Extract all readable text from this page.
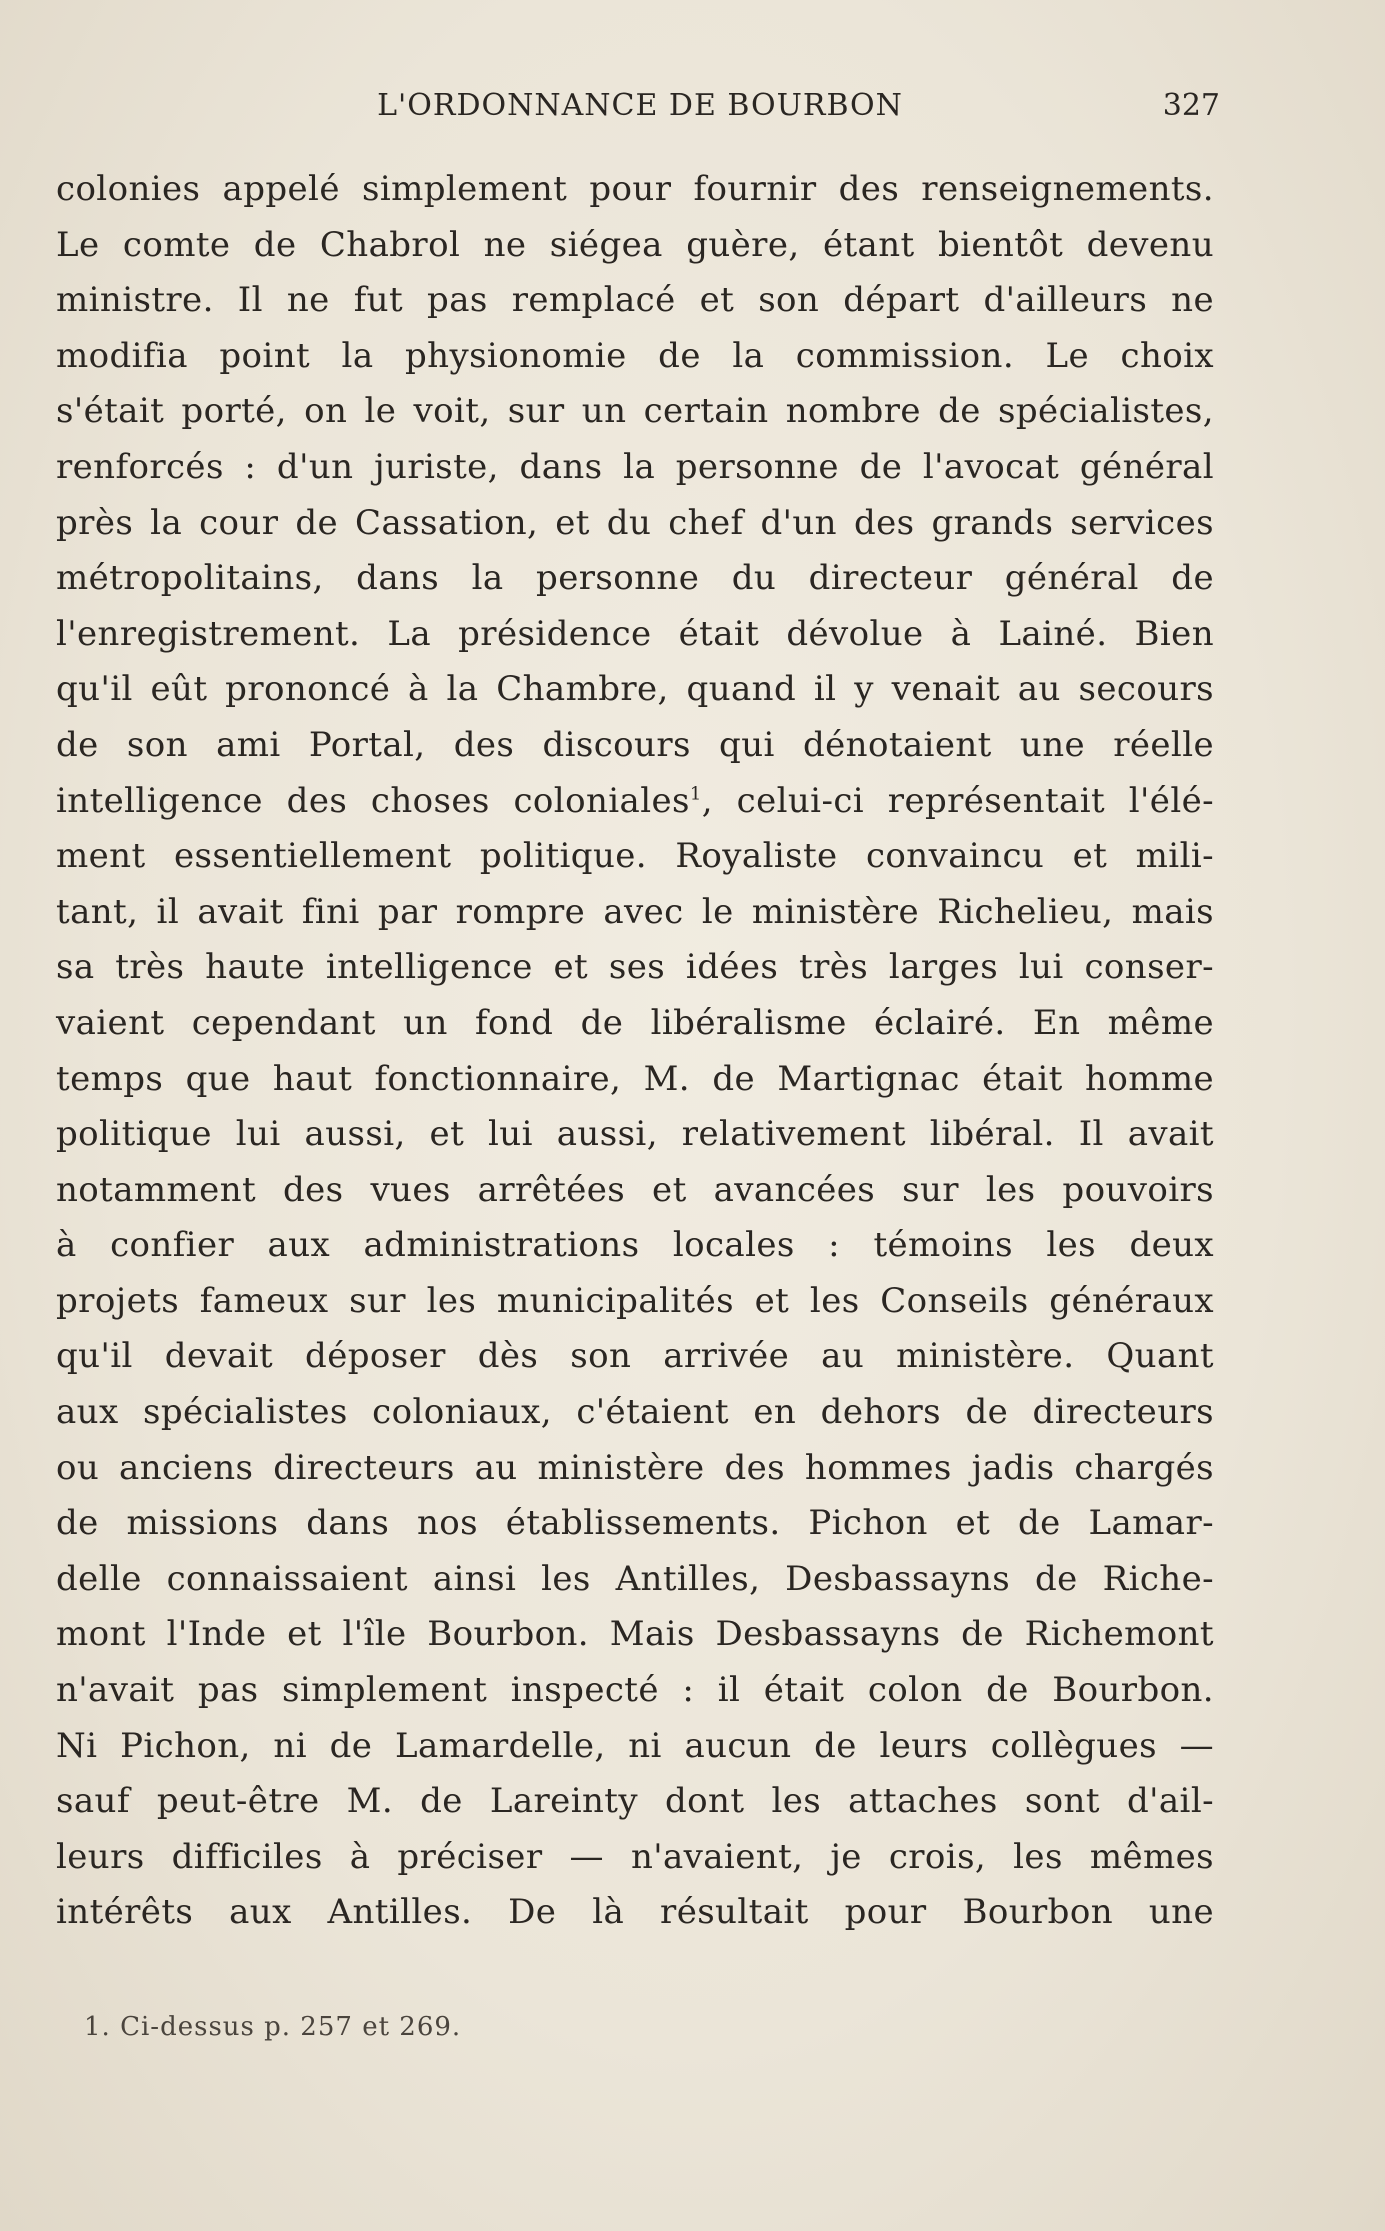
L'ORDONNANCE DE BOURBON	327
colonies appelé simplement pour fournir des renseignements.
Le comte de Chabrol ne siégea guère, étant bientôt devenu
ministre. Il ne fut pas remplacé et son départ d'ailleurs ne
modifia point la physionomie de la commission. Le choix
s'était porté, on le voit, sur un certain nombre de spécialistes,
renforcés : d'un juriste, dans la personne de l'avocat général
près la cour de Cassation, et du chef d'un des grands services
métropolitains, dans la personne du directeur général de
l'enregistrement. La présidence était dévolue à Lainé. Bien
qu'il eût prononcé à la Chambre, quand il y venait au secours
de son ami Portal, des discours qui dénotaient une réelle
intelligence des choses coloniales$^1$, celui-ci représentait l'élé-
ment essentiellement politique. Royaliste convaincu et mili-
tant, il avait fini par rompre avec le ministère Richelieu, mais
sa très haute intelligence et ses idées très larges lui conser-
vaient cependant un fond de libéralisme éclairé. En même
temps que haut fonctionnaire, M. de Martignac était homme
politique lui aussi, et lui aussi, relativement libéral. Il avait
notamment des vues arrêtées et avancées sur les pouvoirs
à confier aux administrations locales : témoins les deux
projets fameux sur les municipalités et les Conseils généraux
qu'il devait déposer dès son arrivée au ministère. Quant
aux spécialistes coloniaux, c'étaient en dehors de directeurs
ou anciens directeurs au ministère des hommes jadis chargés
de missions dans nos établissements. Pichon et de Lamar-
delle connaissaient ainsi les Antilles, Desbassayns de Riche-
mont l'Inde et l'île Bourbon. Mais Desbassayns de Richemont
n'avait pas simplement inspecté : il était colon de Bourbon.
Ni Pichon, ni de Lamardelle, ni aucun de leurs collègues —
sauf peut-être M. de Lareinty dont les attaches sont d'ail-
leurs difficiles à préciser — n'avaient, je crois, les mêmes
intérêts aux Antilles. De là résultait pour Bourbon une
1. Ci-dessus p. 257 et 269.
